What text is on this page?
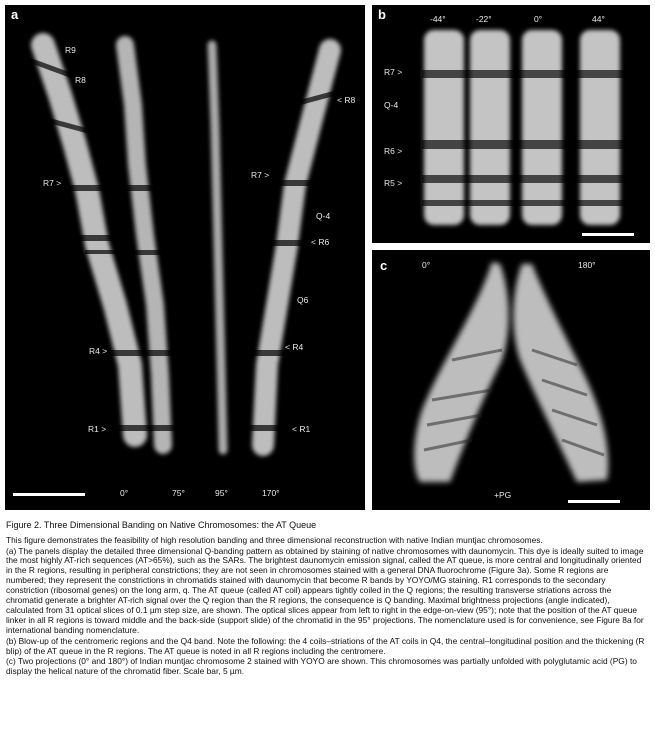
a
R9
R8
< R8
R7 >
R7 >
Q-4
< R6
Q6
R4 >	< R4
R1 >	< R1
0°	75°	95°	170°
b	-44°	-22°	0°	44°
R7 >
Q-4
R6 >
R5 >
c	0°	180°
+PG
Figure 2. Three Dimensional Banding on Native Chromosomes: the AT Queue

This figure demonstrates the feasibility of high resolution banding and three dimensional reconstruction with native Indian muntjac chromosomes.

(a) The panels display the detailed three dimensional Q-banding pattern as obtained by staining of native chromosomes with daunomycin. This dye is ideally suited to image the most highly AT-rich sequences (AT>65%), such as the SARs. The brightest daunomycin emission signal, called the AT queue, is more central and longitudinally oriented in the R regions, resulting in peripheral constrictions; they are not seen in chromosomes stained with a general DNA fluorochrome (Figure 3a). Some R regions are numbered; they represent the constrictions in chromatids stained with daunomycin that become R bands by YOYO/MG staining. R1 corresponds to the secondary constriction (ribosomal genes) on the long arm, q. The AT queue (called AT coil) appears tightly coiled in the Q regions; the resulting transverse striations across the chromatid generate a brighter AT-rich signal over the Q region than the R regions, the consequence is Q banding. Maximal brightness projections (angle indicated), calculated from 31 optical slices of 0.1 µm step size, are shown. The optical slices appear from left to right in the edge-on-view (95°); note that the position of the AT queue linker in all R regions is toward middle and the back-side (support slide) of the chromatid in the 95° projections. The nomenclature used is for convenience, see Figure 8a for international banding nomenclature.

(b) Blow-up of the centromeric regions and the Q4 band. Note the following: the 4 coils–striations of the AT coils in Q4, the central–longitudinal position and the thickening (R blip) of the AT queue in the R regions. The AT queue is noted in all R regions including the centromere.

(c) Two projections (0° and 180°) of Indian muntjac chromosome 2 stained with YOYO are shown. This chromosomes was partially unfolded with polyglutamic acid (PG) to display the helical nature of the chromatid fiber. Scale bar, 5 µm.
